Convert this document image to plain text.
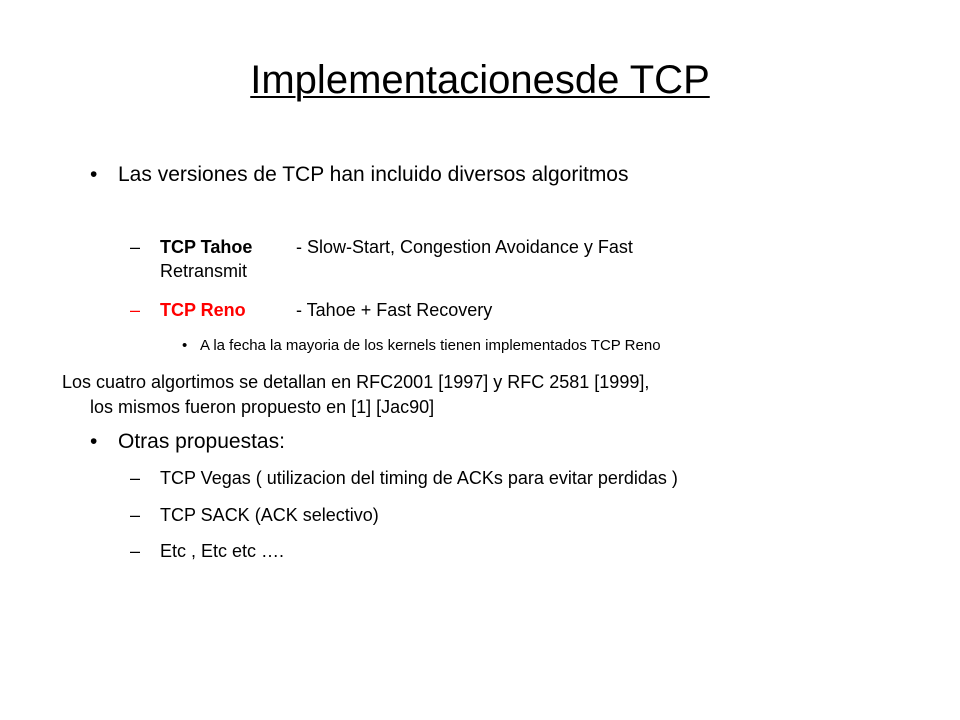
Implementacionesde TCP
• Las versiones de TCP han incluido diversos algoritmos
– TCP Tahoe - Slow-Start, Congestion Avoidance y Fast
Retransmit
– TCP Reno	- Tahoe + Fast Recovery
• A la fecha la mayoria de los kernels tienen implementados TCP Reno
Los cuatro algortimos se detallan en RFC2001 [1997] y RFC 2581 [1999],
los mismos fueron propuesto en [1] [Jac90]
• Otras propuestas:
– TCP Vegas ( utilizacion del timing de ACKs para evitar perdidas )
– TCP SACK (ACK selectivo)
– Etc , Etc etc ….
